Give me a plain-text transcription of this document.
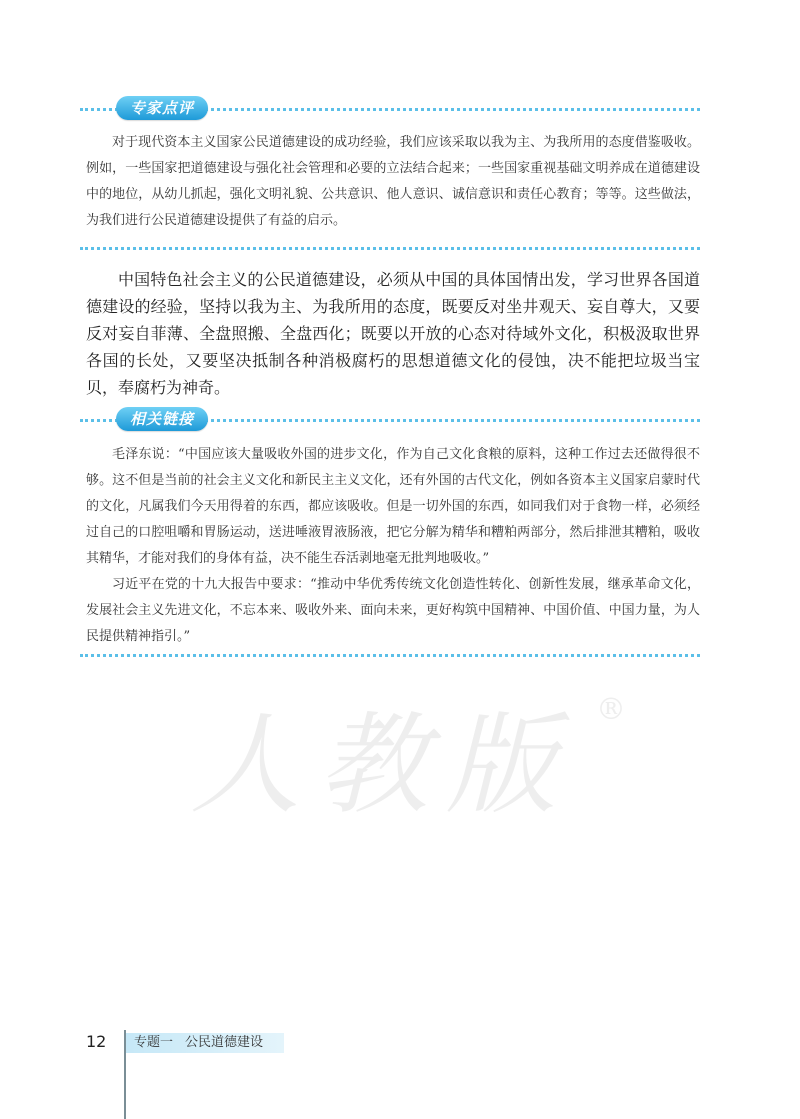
专家点评

对于现代资本主义国家公民道德建设的成功经验，我们应该采取以我为主、为我所用的态度借鉴吸收。例如，一些国家把道德建设与强化社会管理和必要的立法结合起来；一些国家重视基础文明养成在道德建设中的地位，从幼儿抓起，强化文明礼貌、公共意识、他人意识、诚信意识和责任心教育；等等。这些做法，为我们进行公民道德建设提供了有益的启示。

中国特色社会主义的公民道德建设，必须从中国的具体国情出发，学习世界各国道德建设的经验，坚持以我为主、为我所用的态度，既要反对坐井观天、妄自尊大，又要反对妄自菲薄、全盘照搬、全盘西化；既要以开放的心态对待域外文化，积极汲取世界各国的长处，又要坚决抵制各种消极腐朽的思想道德文化的侵蚀，决不能把垃圾当宝贝，奉腐朽为神奇。

相关链接

毛泽东说：“中国应该大量吸收外国的进步文化，作为自己文化食粮的原料，这种工作过去还做得很不够。这不但是当前的社会主义文化和新民主主义文化，还有外国的古代文化，例如各资本主义国家启蒙时代的文化，凡属我们今天用得着的东西，都应该吸收。但是一切外国的东西，如同我们对于食物一样，必须经过自己的口腔咀嚼和胃肠运动，送进唾液胃液肠液，把它分解为精华和糟粕两部分，然后排泄其糟粕，吸收其精华，才能对我们的身体有益，决不能生吞活剥地毫无批判地吸收。”

习近平在党的十九大报告中要求：“推动中华优秀传统文化创造性转化、创新性发展，继承革命文化，发展社会主义先进文化，不忘本来、吸收外来、面向未来，更好构筑中国精神、中国价值、中国力量，为人民提供精神指引。”

人教版 ®
12	专题一 公民道德建设
